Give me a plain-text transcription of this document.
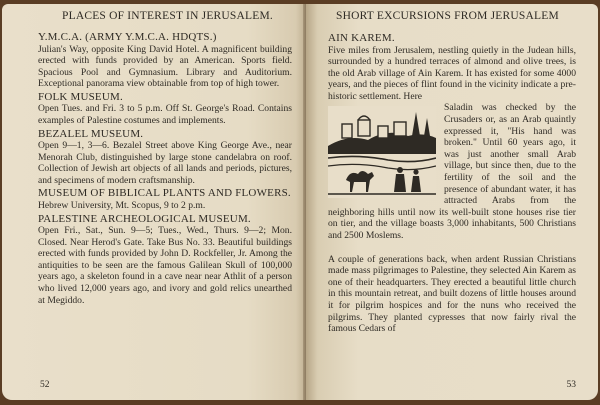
PLACES OF INTEREST IN JERUSALEM.
Y.M.C.A. (ARMY Y.M.C.A. HDQTS.)

Julian's Way, opposite King David Hotel. A magnificent building erected with funds provided by an American. Sports field. Spacious Pool and Gymnasium. Library and Auditorium. Exceptional panorama view obtainable from top of high tower.

FOLK MUSEUM.

Open Tues. and Fri. 3 to 5 p.m. Off St. George's Road. Contains examples of Palestine costumes and implements.

BEZALEL MUSEUM.

Open 9—1, 3—6. Bezalel Street above King George Ave., near Menorah Club, distinguished by large stone candelabra on roof. Collection of Jewish art objects of all lands and periods, pictures, and specimens of modern craftsmanship.

MUSEUM OF BIBLICAL PLANTS AND FLOWERS.

Hebrew University, Mt. Scopus, 9 to 2 p.m.

PALESTINE ARCHEOLOGICAL MUSEUM.

Open Fri., Sat., Sun. 9—5; Tues., Wed., Thurs. 9—2; Mon. Closed. Near Herod's Gate. Take Bus No. 33. Beautiful buildings erected with funds provided by John D. Rockfeller, Jr. Among the antiquities to be seen are the famous Galilean Skull of 100,000 years ago, a skeleton found in a cave near near Athlit of a person who lived 12,000 years ago, and ivory and gold relics unearthed at Megiddo.

52
SHORT EXCURSIONS FROM JERUSALEM
AIN KAREM.

Five miles from Jerusalem, nestling quietly in the Judean hills, surrounded by a hundred terraces of almond and olive trees, is the old Arab village of Ain Karem. It has existed for some 4000 years, and the pieces of flint found in the vicinity indicate a pre-historic settlement. Here

Saladin was checked by the Crusaders or, as an Arab quaintly expressed it, "His hand was broken." Until 60 years ago, it was just another small Arab village, but since then, due to the fertility of the soil and the presence of abundant water, it has attracted Arabs from the neighboring hills until now its well-built stone houses rise tier on tier, and the village boasts 3,000 inhabitants, 500 Christians and 2500 Moslems.

A couple of generations back, when ardent Russian Christians made mass pilgrimages to Palestine, they selected Ain Karem as one of their headquarters. They erected a beautiful little church in this mountain retreat, and built dozens of little houses around it for pilgrim hospices and for the nuns who received the pilgrims. They planted cypresses that now fairly rival the famous Cedars of

53
